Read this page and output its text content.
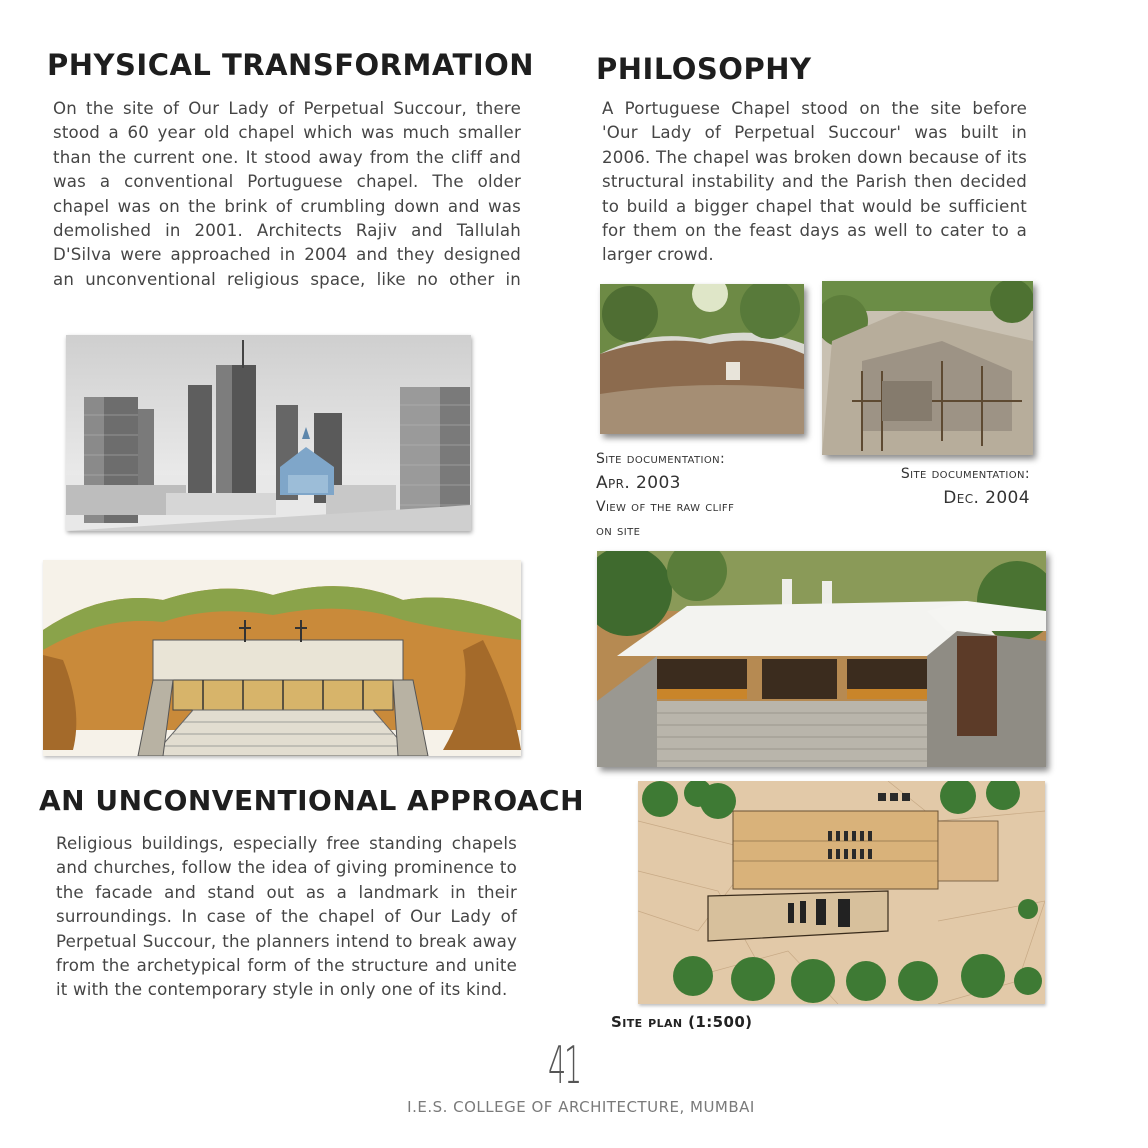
PHYSICAL TRANSFORMATION

On the site of Our Lady of Perpetual Succour, there stood a 60 year old chapel which was much smaller than the current one. It stood away from the cliff and was a conventional Portuguese chapel. The older chapel was on the brink of crumbling down and was demolished in 2001. Architects Rajiv and Tallulah D'Silva were approached in 2004 and they designed an unconventional religious space, like no other in

AN UNCONVENTIONAL APPROACH

Religious buildings, especially free standing chapels and churches, follow the idea of giving prominence to the facade and stand out as a landmark in their surroundings. In case of the chapel of Our Lady of Perpetual Succour, the planners intend to break away from the archetypical form of the structure and unite it with the contemporary style in only one of its kind.

PHILOSOPHY

A Portuguese Chapel stood on the site before 'Our Lady of Perpetual Succour' was built in 2006. The chapel was broken down because of its structural instability and the Parish then decided to build a bigger chapel that would be sufficient for them on the feast days as well to cater to a larger crowd.

Site documentation:
Apr. 2003
View of the raw cliff
on site
Site documentation:
Dec. 2004
Site plan (1:500)
41
I.E.S. COLLEGE OF ARCHITECTURE, MUMBAI
